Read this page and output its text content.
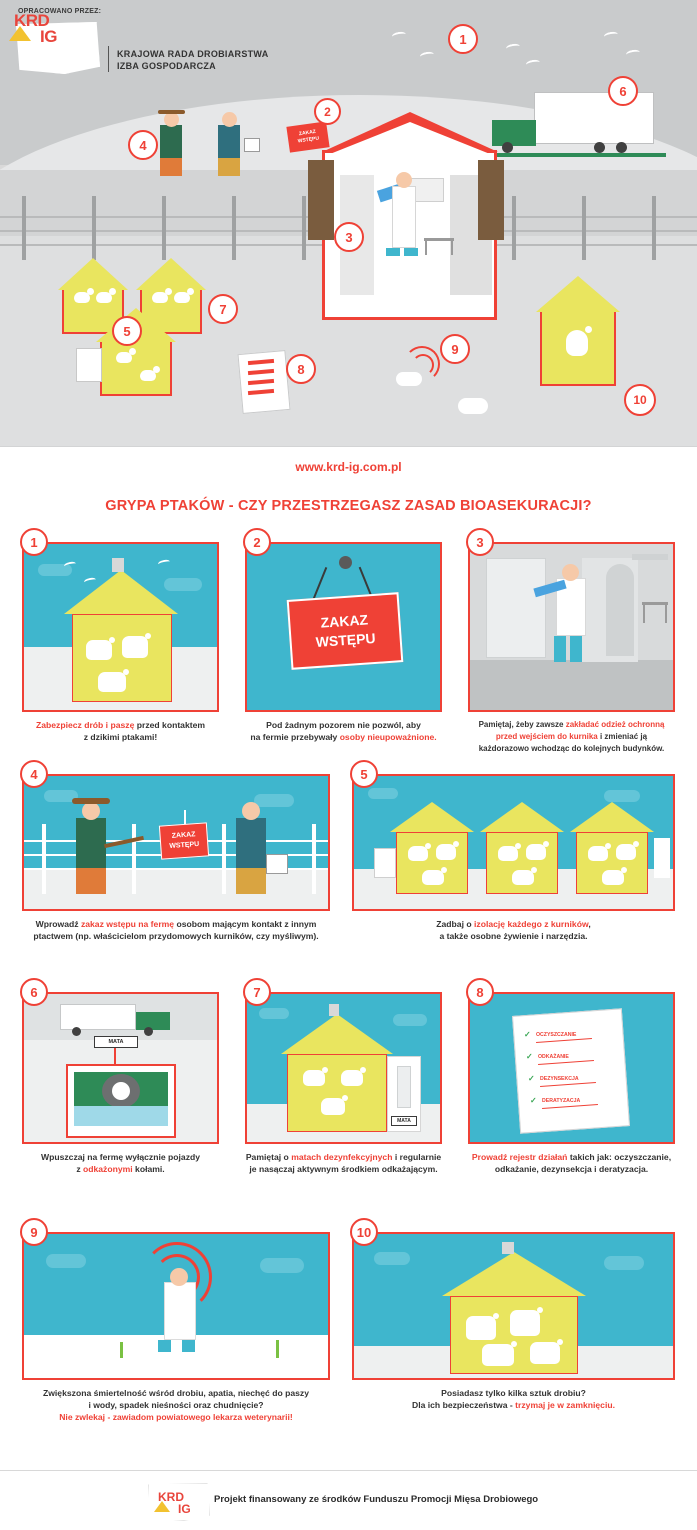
OPRACOWANO PRZEZ:
KRD
IG
KRAJOWA RADA DROBIARSTWA
IZBA GOSPODARCZA
ZAKAZ
WSTĘPU
1
2
3
4
5
6
7
8
9
10
www.krd-ig.com.pl
GRYPA PTAKÓW - CZY PRZESTRZEGASZ ZASAD BIOASEKURACJI?
1
Zabezpiecz drób i paszę przed kontaktem
z dzikimi ptakami!
ZAKAZ
WSTĘPU
2
Pod żadnym pozorem nie pozwól, aby
na fermie przebywały osoby nieupoważnione.
3
Pamiętaj, żeby zawsze zakładać odzież ochronną
przed wejściem do kurnika i zmieniać ją
każdorazowo wchodząc do kolejnych budynków.
ZAKAZ
WSTĘPU
4
Wprowadź zakaz wstępu na fermę osobom mającym kontakt z innym
ptactwem (np. właścicielom przydomowych kurników, czy myśliwym).
5
Zadbaj o izolację każdego z kurników,
a także osobne żywienie i narzędzia.
MATA
6
Wpuszczaj na fermę wyłącznie pojazdy
z odkażonymi kołami.
MATA
7
Pamiętaj o matach dezynfekcyjnych i regularnie
je nasączaj aktywnym środkiem odkażającym.
✓ OCZYSZCZANIE
✓ ODKAŻANIE
✓ DEZYNSEKCJA
✓ DERATYZACJA
8
Prowadź rejestr działań takich jak: oczyszczanie,
odkażanie, dezynsekcja i deratyzacja.
9
Zwiększona śmiertelność wśród drobiu, apatia, niechęć do paszy
i wody, spadek nieśności oraz chudnięcie?
Nie zwlekaj - zawiadom powiatowego lekarza weterynarii!
10
Posiadasz tylko kilka sztuk drobiu?
Dla ich bezpieczeństwa - trzymaj je w zamknięciu.
KRD
IG
Projekt finansowany ze środków Funduszu Promocji Mięsa Drobiowego
